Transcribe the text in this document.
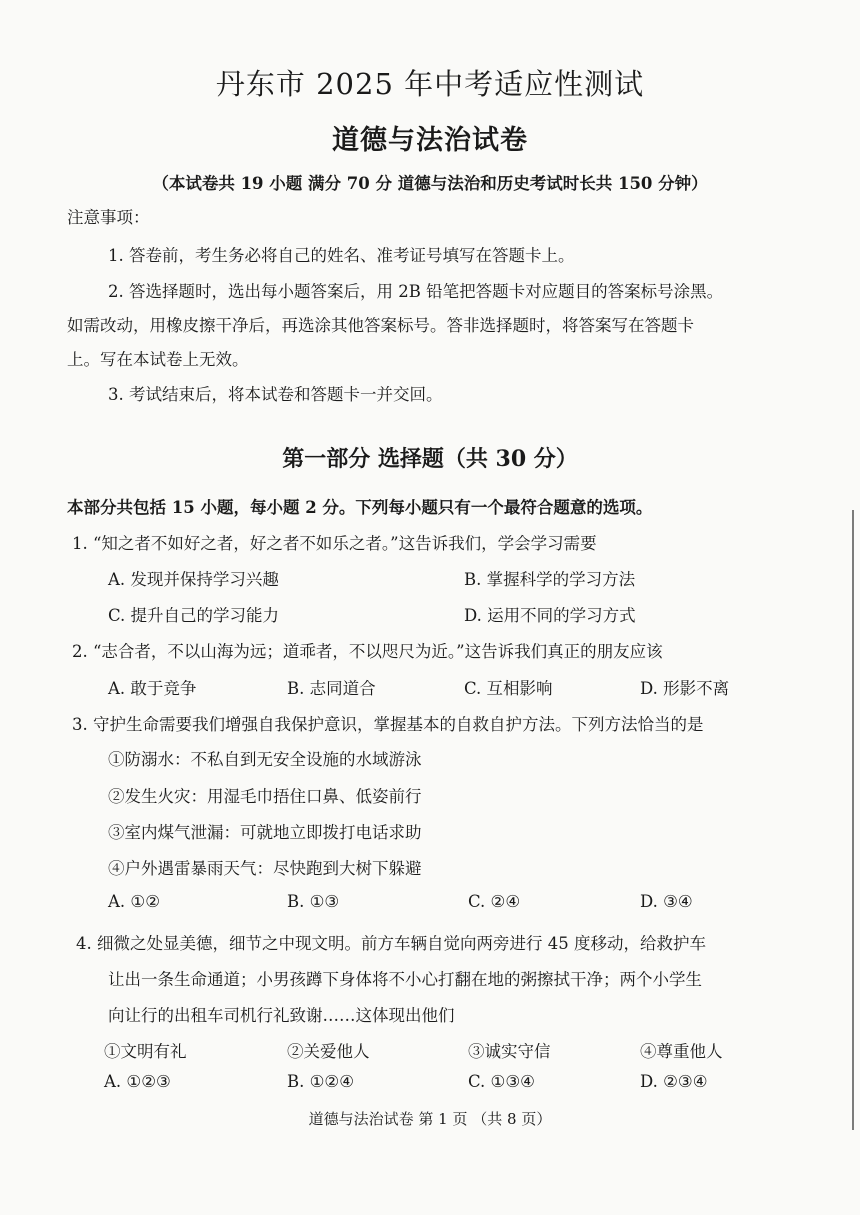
丹东市 2025 年中考适应性测试
道德与法治试卷
（本试卷共 19 小题 满分 70 分 道德与法治和历史考试时长共 150 分钟）
注意事项：
1. 答卷前，考生务必将自己的姓名、准考证号填写在答题卡上。
2. 答选择题时，选出每小题答案后，用 2B 铅笔把答题卡对应题目的答案标号涂黑。
如需改动，用橡皮擦干净后，再选涂其他答案标号。答非选择题时，将答案写在答题卡
上。写在本试卷上无效。
3. 考试结束后，将本试卷和答题卡一并交回。
第一部分 选择题（共 30 分）
本部分共包括 15 小题，每小题 2 分。下列每小题只有一个最符合题意的选项。
1. “知之者不如好之者，好之者不如乐之者。”这告诉我们，学会学习需要
A. 发现并保持学习兴趣	B. 掌握科学的学习方法
C. 提升自己的学习能力	D. 运用不同的学习方式
2. “志合者，不以山海为远；道乖者，不以咫尺为近。”这告诉我们真正的朋友应该
A. 敢于竞争	B. 志同道合	C. 互相影响	D. 形影不离
3. 守护生命需要我们增强自我保护意识，掌握基本的自救自护方法。下列方法恰当的是
①防溺水：不私自到无安全设施的水域游泳
②发生火灾：用湿毛巾捂住口鼻、低姿前行
③室内煤气泄漏：可就地立即拨打电话求助
④户外遇雷暴雨天气：尽快跑到大树下躲避
A. ①②	B. ①③	C. ②④	D. ③④
4. 细微之处显美德，细节之中现文明。前方车辆自觉向两旁进行 45 度移动，给救护车
让出一条生命通道；小男孩蹲下身体将不小心打翻在地的粥擦拭干净；两个小学生
向让行的出租车司机行礼致谢……这体现出他们
①文明有礼	②关爱他人	③诚实守信	④尊重他人
A. ①②③	B. ①②④	C. ①③④	D. ②③④
道德与法治试卷 第 1 页 （共 8 页）
